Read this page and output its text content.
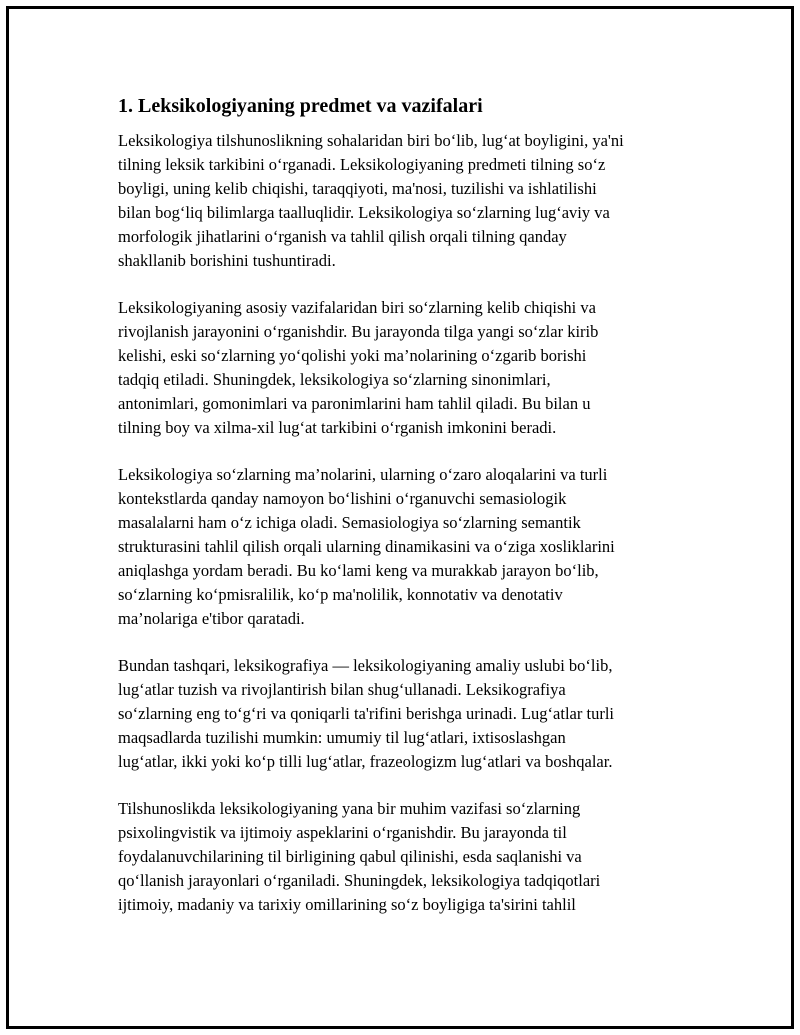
1. Leksikologiyaning predmet va vazifalari

Leksikologiya tilshunoslikning sohalaridan biri bo‘lib, lug‘at boyligini, ya'ni
tilning leksik tarkibini o‘rganadi. Leksikologiyaning predmeti tilning so‘z
boyligi, uning kelib chiqishi, taraqqiyoti, ma'nosi, tuzilishi va ishlatilishi
bilan bog‘liq bilimlarga taalluqlidir. Leksikologiya so‘zlarning lug‘aviy va
morfologik jihatlarini o‘rganish va tahlil qilish orqali tilning qanday
shakllanib borishini tushuntiradi.

Leksikologiyaning asosiy vazifalaridan biri so‘zlarning kelib chiqishi va
rivojlanish jarayonini o‘rganishdir. Bu jarayonda tilga yangi so‘zlar kirib
kelishi, eski so‘zlarning yo‘qolishi yoki ma’nolarining o‘zgarib borishi
tadqiq etiladi. Shuningdek, leksikologiya so‘zlarning sinonimlari,
antonimlari, gomonimlari va paronimlarini ham tahlil qiladi. Bu bilan u
tilning boy va xilma-xil lug‘at tarkibini o‘rganish imkonini beradi.

Leksikologiya so‘zlarning ma’nolarini, ularning o‘zaro aloqalarini va turli
kontekstlarda qanday namoyon bo‘lishini o‘rganuvchi semasiologik
masalalarni ham o‘z ichiga oladi. Semasiologiya so‘zlarning semantik
strukturasini tahlil qilish orqali ularning dinamikasini va o‘ziga xosliklarini
aniqlashga yordam beradi. Bu ko‘lami keng va murakkab jarayon bo‘lib,
so‘zlarning ko‘pmisralilik, ko‘p ma'nolilik, konnotativ va denotativ
ma’nolariga e'tibor qaratadi.

Bundan tashqari, leksikografiya — leksikologiyaning amaliy uslubi bo‘lib,
lug‘atlar tuzish va rivojlantirish bilan shug‘ullanadi. Leksikografiya
so‘zlarning eng to‘g‘ri va qoniqarli ta'rifini berishga urinadi. Lug‘atlar turli
maqsadlarda tuzilishi mumkin: umumiy til lug‘atlari, ixtisoslashgan
lug‘atlar, ikki yoki ko‘p tilli lug‘atlar, frazeologizm lug‘atlari va boshqalar.

Tilshunoslikda leksikologiyaning yana bir muhim vazifasi so‘zlarning
psixolingvistik va ijtimoiy aspeklarini o‘rganishdir. Bu jarayonda til
foydalanuvchilarining til birligining qabul qilinishi, esda saqlanishi va
qo‘llanish jarayonlari o‘rganiladi. Shuningdek, leksikologiya tadqiqotlari
ijtimoiy, madaniy va tarixiy omillarining so‘z boyligiga ta'sirini tahlil
